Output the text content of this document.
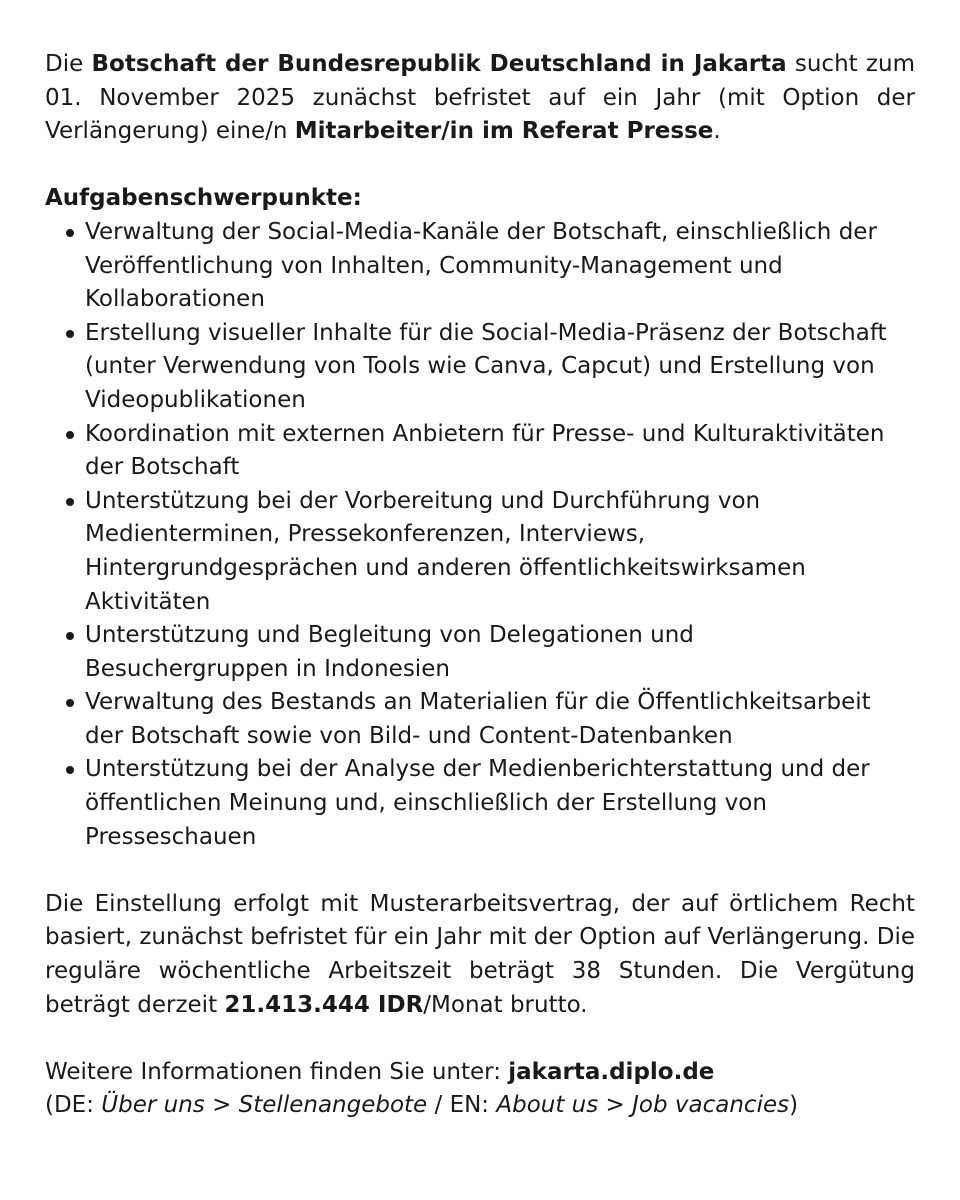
Die Botschaft der Bundesrepublik Deutschland in Jakarta sucht zum 01. November 2025 zunächst befristet auf ein Jahr (mit Option der Verlängerung) eine/n Mitarbeiter/in im Referat Presse.

Aufgabenschwerpunkte:

Verwaltung der Social-Media-Kanäle der Botschaft, einschließlich der Veröffentlichung von Inhalten, Community-Management und Kollaborationen
Erstellung visueller Inhalte für die Social-Media-Präsenz der Botschaft (unter Verwendung von Tools wie Canva, Capcut) und Erstellung von Videopublikationen
Koordination mit externen Anbietern für Presse- und Kulturaktivitäten der Botschaft
Unterstützung bei der Vorbereitung und Durchführung von Medienterminen, Pressekonferenzen, Interviews, Hintergrundgesprächen und anderen öffentlichkeitswirksamen Aktivitäten
Unterstützung und Begleitung von Delegationen und Besuchergruppen in Indonesien
Verwaltung des Bestands an Materialien für die Öffentlichkeitsarbeit der Botschaft sowie von Bild- und Content-Datenbanken
Unterstützung bei der Analyse der Medienberichterstattung und der öffentlichen Meinung und, einschließlich der Erstellung von Presseschauen

Die Einstellung erfolgt mit Musterarbeitsvertrag, der auf örtlichem Recht basiert, zunächst befristet für ein Jahr mit der Option auf Verlängerung. Die reguläre wöchentliche Arbeitszeit beträgt 38 Stunden. Die Vergütung beträgt derzeit 21.413.444 IDR/Monat brutto.

Weitere Informationen finden Sie unter: jakarta.diplo.de
(DE: Über uns > Stellenangebote / EN: About us > Job vacancies)
